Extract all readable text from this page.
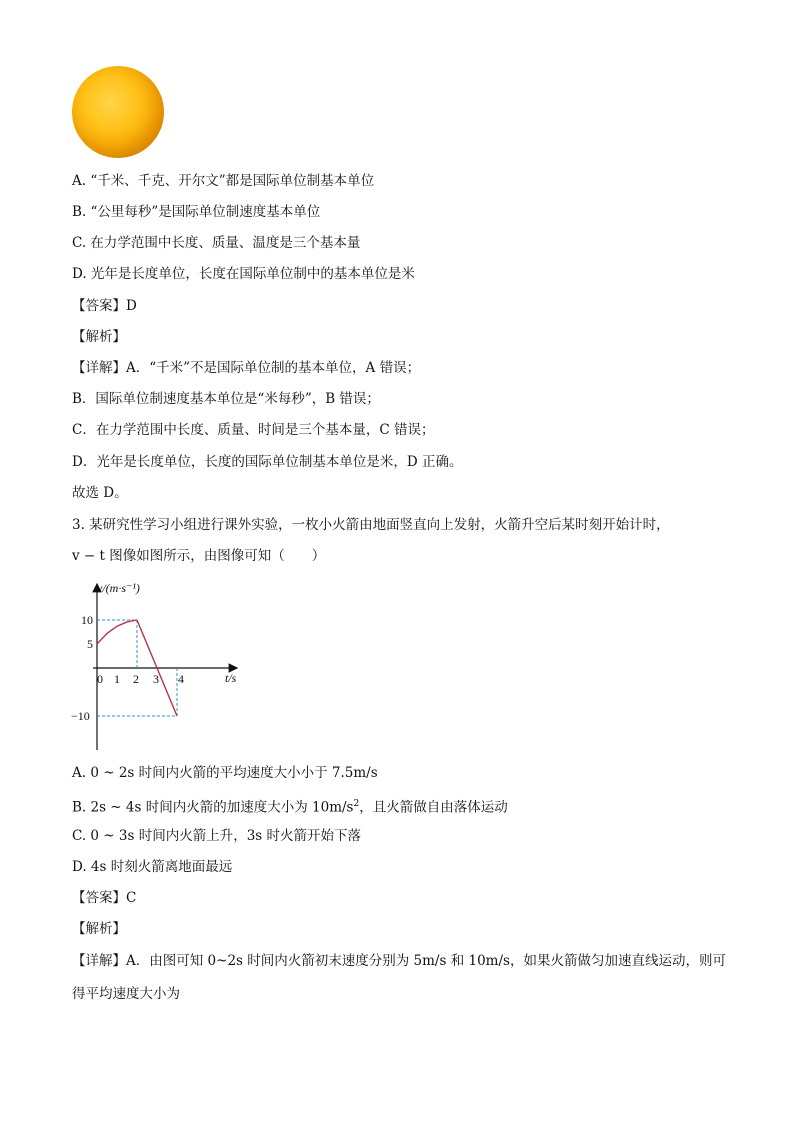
A. “千米、千克、开尔文”都是国际单位制基本单位
B. “公里每秒”是国际单位制速度基本单位
C. 在力学范围中长度、质量、温度是三个基本量
D. 光年是长度单位，长度在国际单位制中的基本单位是米
【答案】D
【解析】
【详解】A．“千米”不是国际单位制的基本单位，A 错误；
B．国际单位制速度基本单位是“米每秒”，B 错误；
C．在力学范围中长度、质量、时间是三个基本量，C 错误；
D．光年是长度单位，长度的国际单位制基本单位是米，D 正确。
故选 D。
3. 某研究性学习小组进行课外实验，一枚小火箭由地面竖直向上发射，火箭升空后某时刻开始计时，
v − t 图像如图所示，由图像可知（　　）
v/(m·s⁻¹)
t/s
0 1 2 3 4
10
5
−10
A. 0 ~ 2s 时间内火箭的平均速度大小小于 7.5m/s
B. 2s ~ 4s 时间内火箭的加速度大小为 $10m/s^2$，且火箭做自由落体运动
C. 0 ~ 3s 时间内火箭上升，3s 时火箭开始下落
D. 4s 时刻火箭离地面最远
【答案】C
【解析】
【详解】A．由图可知 0~2s 时间内火箭初末速度分别为 5m/s 和 10m/s，如果火箭做匀加速直线运动，则可
得平均速度大小为
